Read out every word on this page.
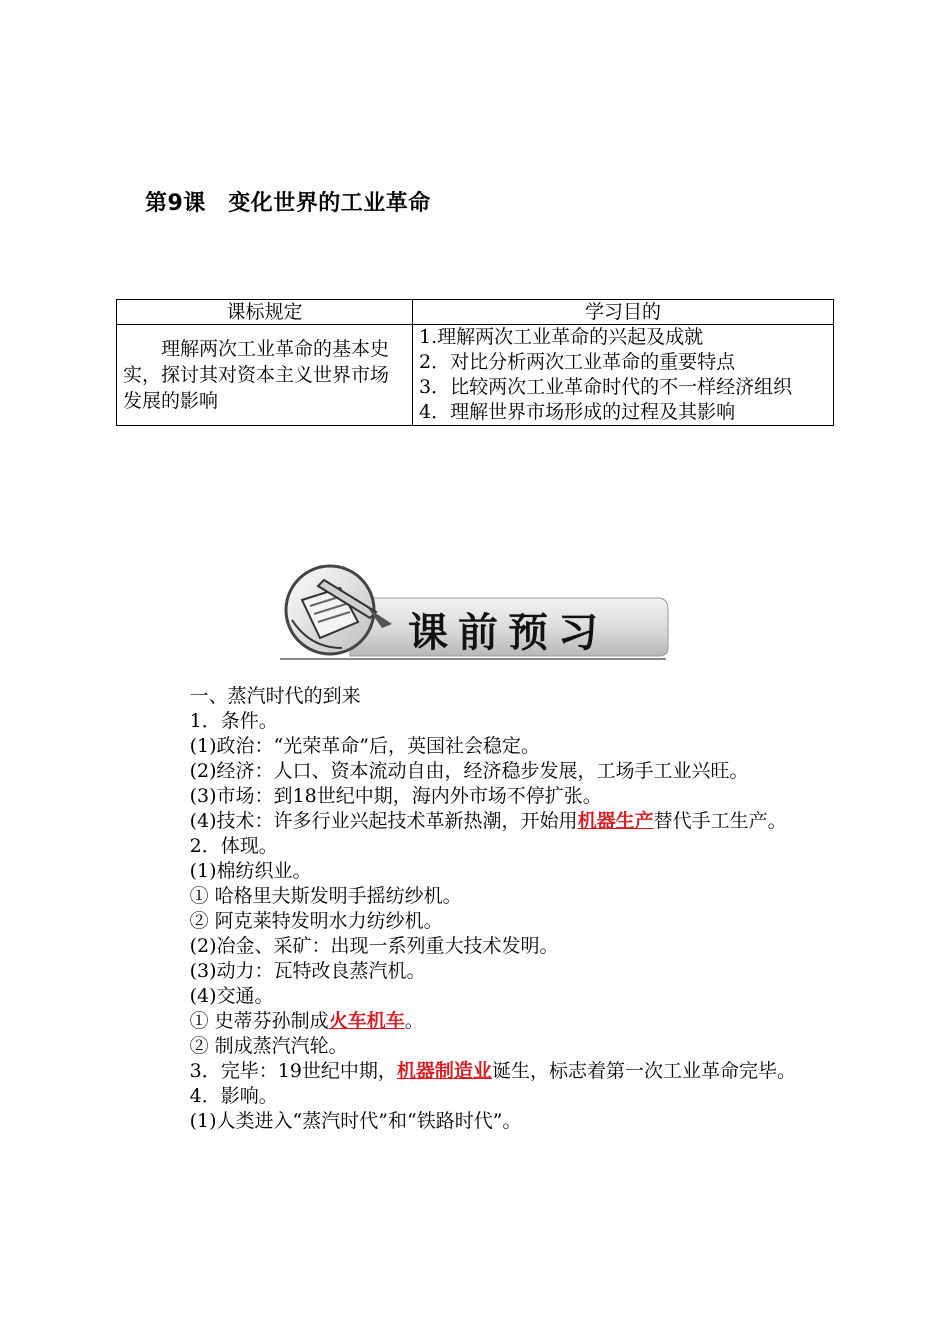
第9课　变化世界的工业革命
课标规定	学习目的

理解两次工业革命的基本史实，探讨其对资本主义世界市场发展的影响	1.理解两次工业革命的兴起及成就
2．对比分析两次工业革命的重要特点
3．比较两次工业革命时代的不一样经济组织
4．理解世界市场形成的过程及其影响
课前预习

一、蒸汽时代的到来

1．条件。

(1)政治：“光荣革命”后，英国社会稳定。

(2)经济：人口、资本流动自由，经济稳步发展，工场手工业兴旺。

(3)市场：到18世纪中期，海内外市场不停扩张。

(4)技术：许多行业兴起技术革新热潮，开始用机器生产替代手工生产。

2．体现。

(1)棉纺织业。

① 哈格里夫斯发明手摇纺纱机。

② 阿克莱特发明水力纺纱机。

(2)冶金、采矿：出现一系列重大技术发明。

(3)动力：瓦特改良蒸汽机。

(4)交通。

① 史蒂芬孙制成火车机车。

② 制成蒸汽汽轮。

3．完毕：19世纪中期，机器制造业诞生，标志着第一次工业革命完毕。

4．影响。

(1)人类进入“蒸汽时代”和“铁路时代”。
